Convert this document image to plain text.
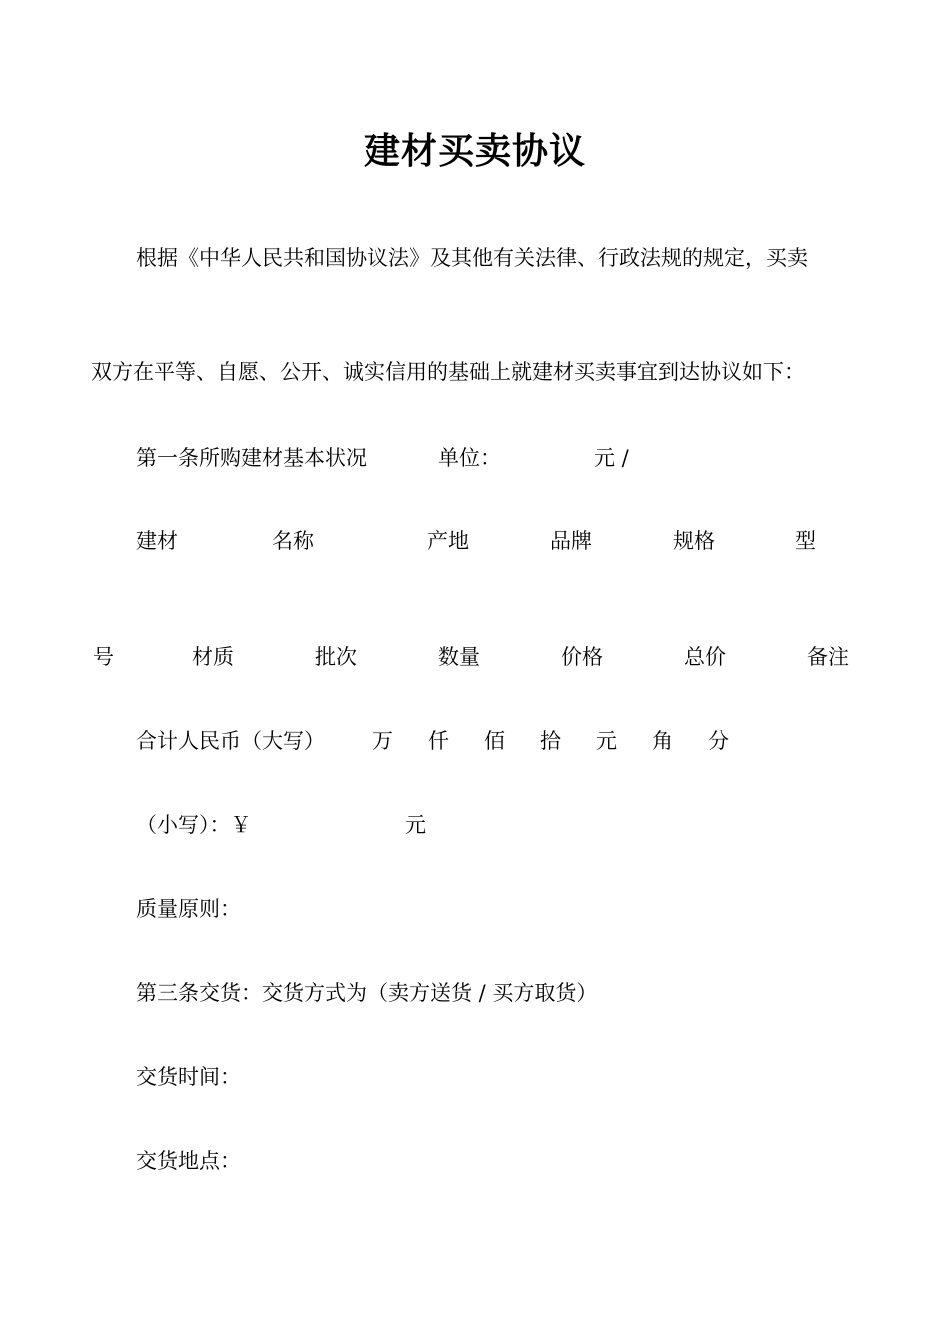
建材买卖协议

根据《中华人民共和国协议法》及其他有关法律、行政法规的规定，买卖

双方在平等、自愿、公开、诚实信用的基础上就建材买卖事宜到达协议如下：

第一条所购建材基本状况	单位：	元 /
建材	名称	产地	品牌	规格	型
号	材质	批次	数量	价格	总价	备注
合计人民币（大写） 万 仟 佰 拾 元 角 分
（小写）：￥	元

质量原则：

第三条交货：交货方式为（卖方送货 / 买方取货）

交货时间：

交货地点：
